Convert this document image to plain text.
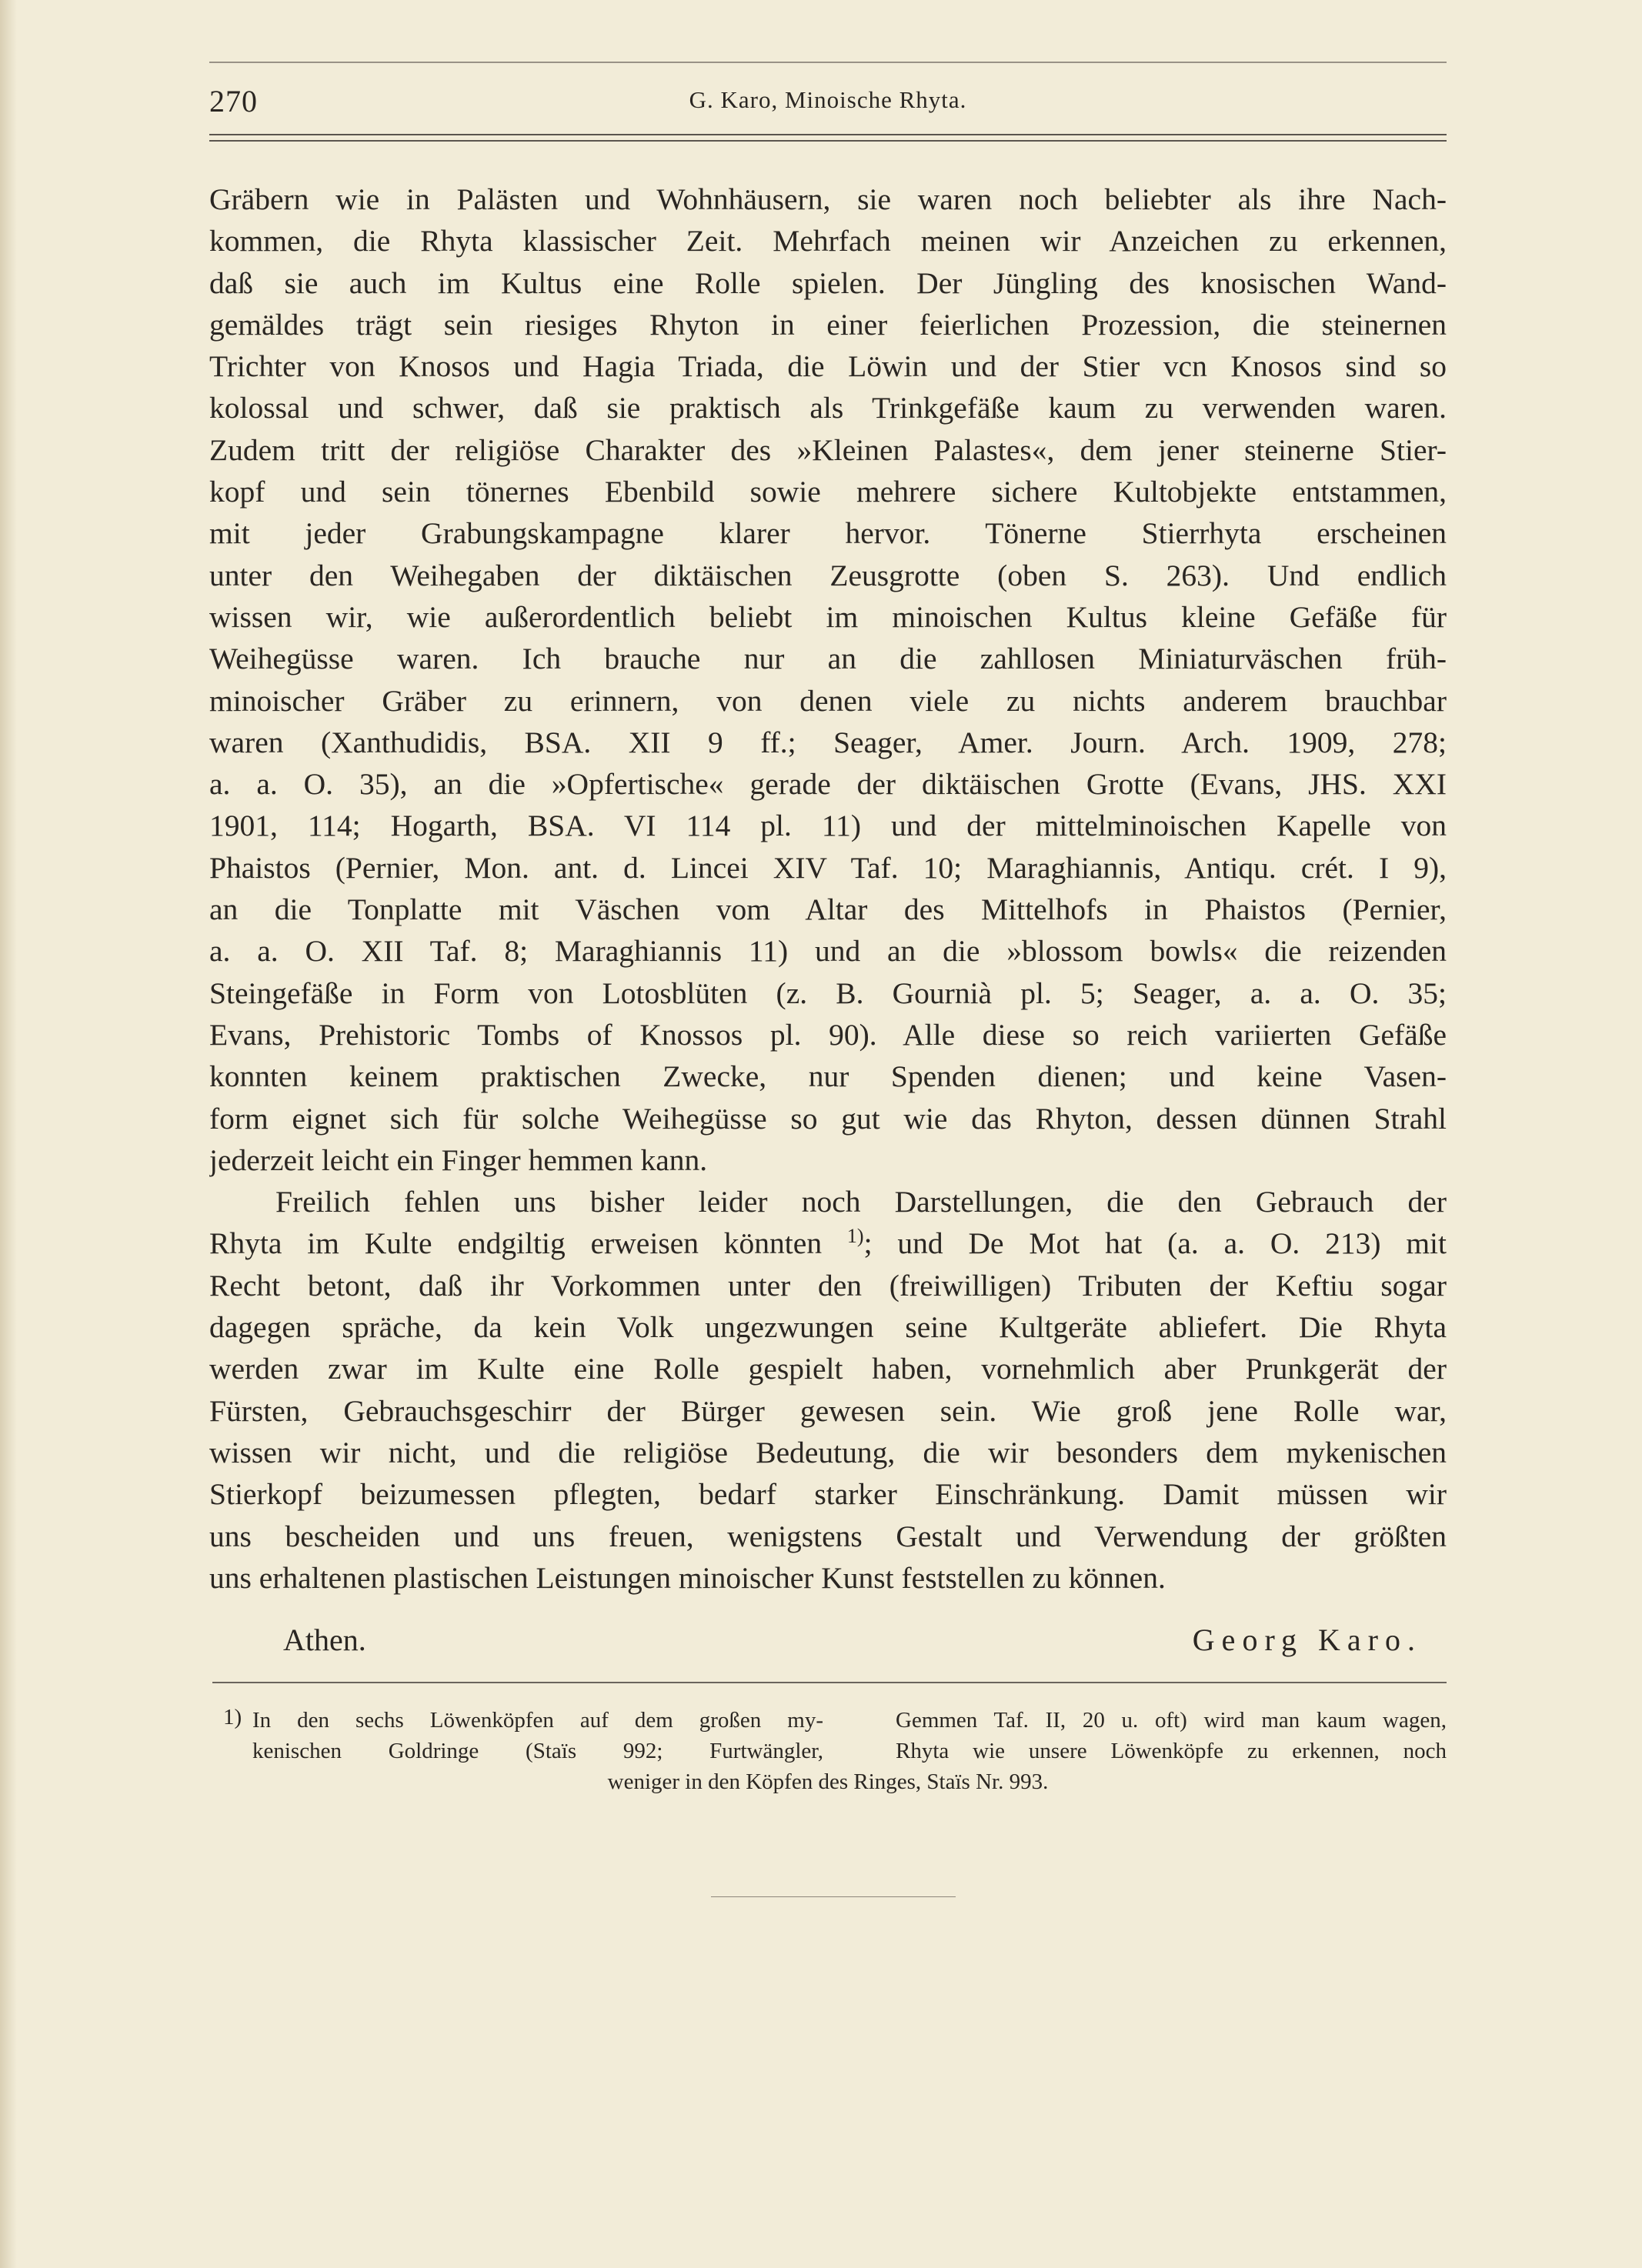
270	G. Karo, Minoische Rhyta.
Gräbern wie in Palästen und Wohnhäusern, sie waren noch beliebter als ihre Nach-
kommen, die Rhyta klassischer Zeit. Mehrfach meinen wir Anzeichen zu erkennen,
daß sie auch im Kultus eine Rolle spielen. Der Jüngling des knosischen Wand-
gemäldes trägt sein riesiges Rhyton in einer feierlichen Prozession, die steinernen
Trichter von Knosos und Hagia Triada, die Löwin und der Stier vcn Knosos sind so
kolossal und schwer, daß sie praktisch als Trinkgefäße kaum zu verwenden waren.
Zudem tritt der religiöse Charakter des »Kleinen Palastes«, dem jener steinerne Stier-
kopf und sein tönernes Ebenbild sowie mehrere sichere Kultobjekte entstammen,
mit jeder Grabungskampagne klarer hervor. Tönerne Stierrhyta erscheinen
unter den Weihegaben der diktäischen Zeusgrotte (oben S. 263). Und endlich
wissen wir, wie außerordentlich beliebt im minoischen Kultus kleine Gefäße für
Weihegüsse waren. Ich brauche nur an die zahllosen Miniaturväschen früh-
minoischer Gräber zu erinnern, von denen viele zu nichts anderem brauchbar
waren (Xanthudidis, BSA. XII 9 ff.; Seager, Amer. Journ. Arch. 1909, 278;
a. a. O. 35), an die »Opfertische« gerade der diktäischen Grotte (Evans, JHS. XXI
1901, 114; Hogarth, BSA. VI 114 pl. 11) und der mittelminoischen Kapelle von
Phaistos (Pernier, Mon. ant. d. Lincei XIV Taf. 10; Maraghiannis, Antiqu. crét. I 9),
an die Tonplatte mit Väschen vom Altar des Mittelhofs in Phaistos (Pernier,
a. a. O. XII Taf. 8; Maraghiannis 11) und an die »blossom bowls« die reizenden
Steingefäße in Form von Lotosblüten (z. B. Gournià pl. 5; Seager, a. a. O. 35;
Evans, Prehistoric Tombs of Knossos pl. 90). Alle diese so reich variierten Gefäße
konnten keinem praktischen Zwecke, nur Spenden dienen; und keine Vasen-
form eignet sich für solche Weihegüsse so gut wie das Rhyton, dessen dünnen Strahl
jederzeit leicht ein Finger hemmen kann.
Freilich fehlen uns bisher leider noch Darstellungen, die den Gebrauch der
Rhyta im Kulte endgiltig erweisen könnten $^{1)}$; und De Mot hat (a. a. O. 213) mit
Recht betont, daß ihr Vorkommen unter den (freiwilligen) Tributen der Keftiu sogar
dagegen spräche, da kein Volk ungezwungen seine Kultgeräte abliefert. Die Rhyta
werden zwar im Kulte eine Rolle gespielt haben, vornehmlich aber Prunkgerät der
Fürsten, Gebrauchsgeschirr der Bürger gewesen sein. Wie groß jene Rolle war,
wissen wir nicht, und die religiöse Bedeutung, die wir besonders dem mykenischen
Stierkopf beizumessen pflegten, bedarf starker Einschränkung. Damit müssen wir
uns bescheiden und uns freuen, wenigstens Gestalt und Verwendung der größten
uns erhaltenen plastischen Leistungen minoischer Kunst feststellen zu können.
Athen.	Georg Karo.
1) In den sechs Löwenköpfen auf dem großen my-
kenischen Goldringe (Staïs 992; Furtwängler,
Gemmen Taf. II, 20 u. oft) wird man kaum wagen,
Rhyta wie unsere Löwenköpfe zu erkennen, noch
weniger in den Köpfen des Ringes, Staïs Nr. 993.
